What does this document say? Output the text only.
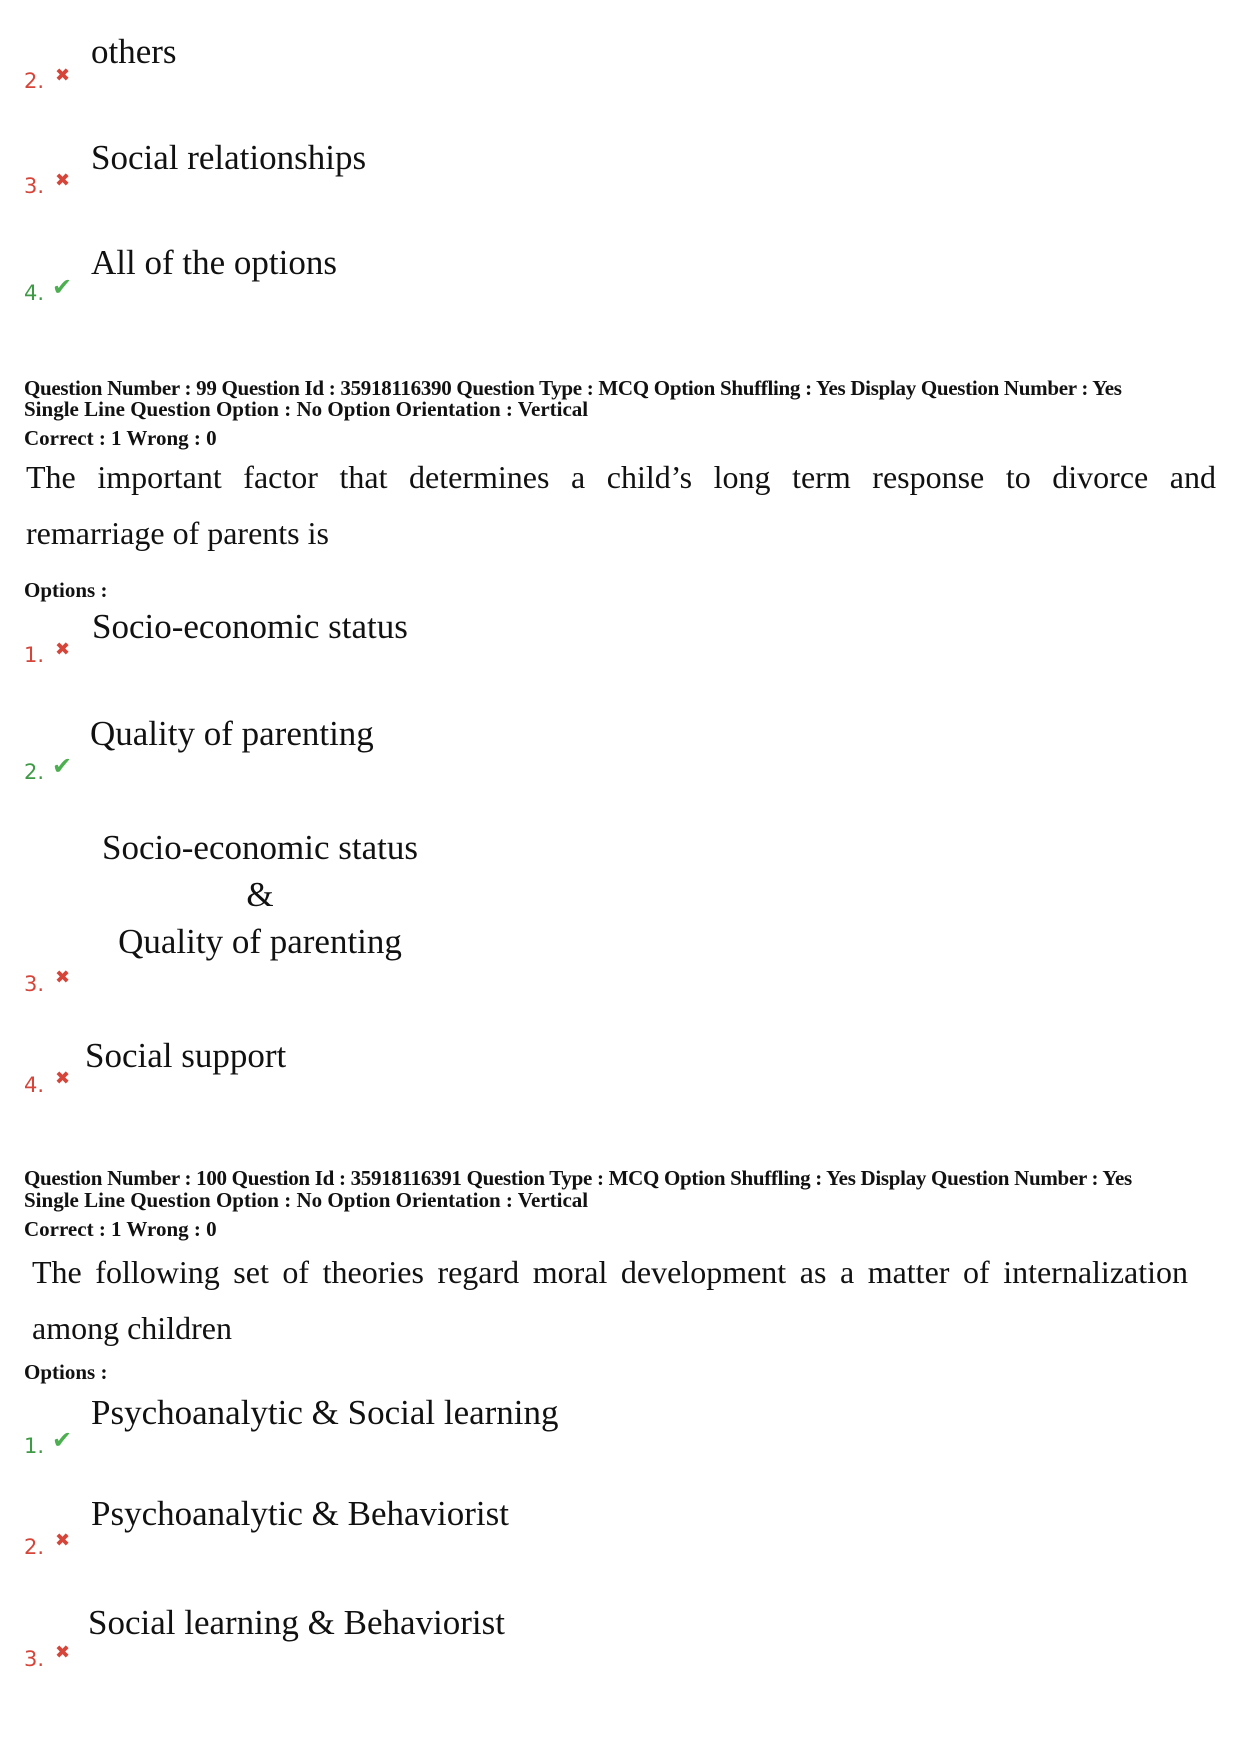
others
2. ✖
Social relationships
3. ✖
All of the options
4. ✔
Question Number : 99 Question Id : 35918116390 Question Type : MCQ Option Shuffling : Yes Display Question Number : Yes
Single Line Question Option : No Option Orientation : Vertical
Correct : 1 Wrong : 0
The important factor that determines a child’s long term response to divorce and
remarriage of parents is
Options :
Socio-economic status
1. ✖
Quality of parenting
2. ✔
Socio-economic status
&
Quality of parenting
3. ✖
Social support
4. ✖
Question Number : 100 Question Id : 35918116391 Question Type : MCQ Option Shuffling : Yes Display Question Number : Yes
Single Line Question Option : No Option Orientation : Vertical
Correct : 1 Wrong : 0
The following set of theories regard moral development as a matter of internalization
among children
Options :
Psychoanalytic & Social learning
1. ✔
Psychoanalytic & Behaviorist
2. ✖
Social learning & Behaviorist
3. ✖
